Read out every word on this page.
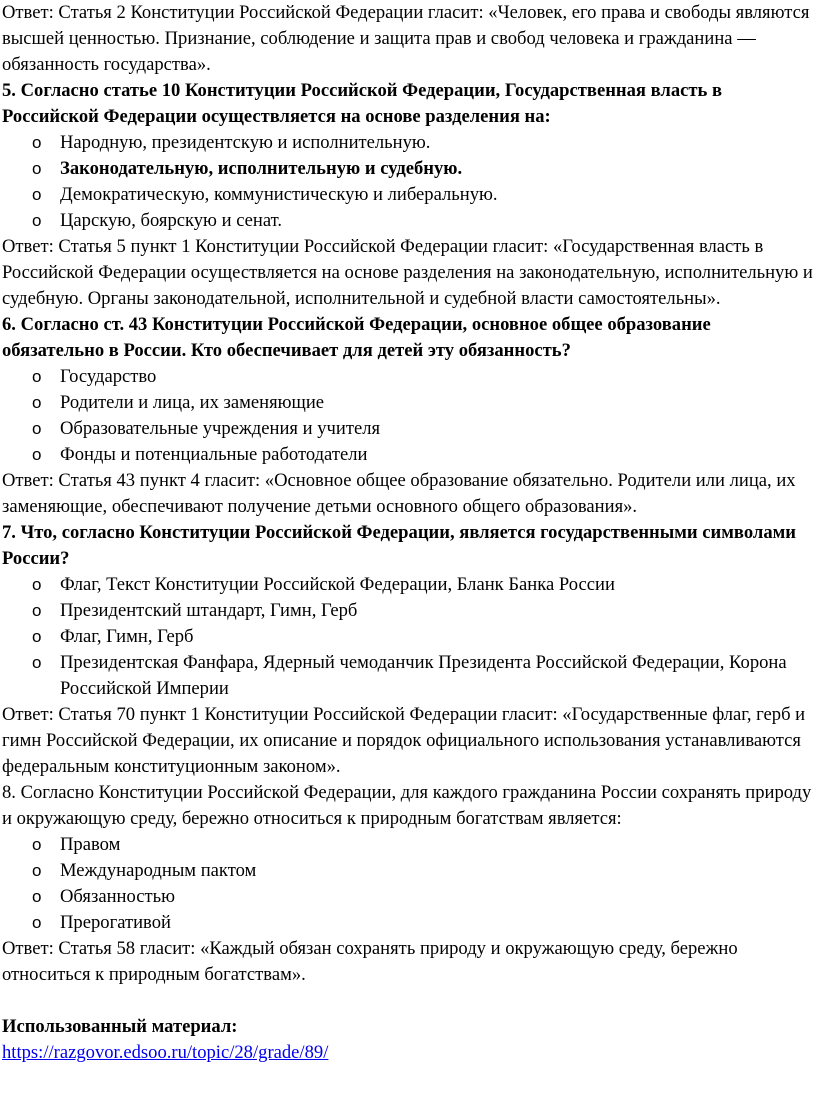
Ответ: Статья 2 Конституции Российской Федерации гласит: «Человек, его права и свободы являются высшей ценностью. Признание, соблюдение и защита прав и свобод человека и гражданина — обязанность государства».

5. Согласно статье 10 Конституции Российской Федерации, Государственная власть в Российской Федерации осуществляется на основе разделения на:

o Народную, президентскую и исполнительную.
o Законодательную, исполнительную и судебную.
o Демократическую, коммунистическую и либеральную.
o Царскую, боярскую и сенат.

Ответ: Статья 5 пункт 1 Конституции Российской Федерации гласит: «Государственная власть в Российской Федерации осуществляется на основе разделения на законодательную, исполнительную и судебную. Органы законодательной, исполнительной и судебной власти самостоятельны».

6. Согласно ст. 43 Конституции Российской Федерации, основное общее образование обязательно в России. Кто обеспечивает для детей эту обязанность?

o Государство
o Родители и лица, их заменяющие
o Образовательные учреждения и учителя
o Фонды и потенциальные работодатели

Ответ: Статья 43 пункт 4 гласит: «Основное общее образование обязательно. Родители или лица, их заменяющие, обеспечивают получение детьми основного общего образования».

7. Что, согласно Конституции Российской Федерации, является государственными символами России?

o Флаг, Текст Конституции Российской Федерации, Бланк Банка России
o Президентский штандарт, Гимн, Герб
o Флаг, Гимн, Герб
o Президентская Фанфара, Ядерный чемоданчик Президента Российской Федерации, Корона Российской Империи

Ответ: Статья 70 пункт 1 Конституции Российской Федерации гласит: «Государственные флаг, герб и гимн Российской Федерации, их описание и порядок официального использования устанавливаются федеральным конституционным законом».

8. Согласно Конституции Российской Федерации, для каждого гражданина России сохранять природу и окружающую среду, бережно относиться к природным богатствам является:

o Правом
o Международным пактом
o Обязанностью
o Прерогативой

Ответ: Статья 58 гласит: «Каждый обязан сохранять природу и окружающую среду, бережно относиться к природным богатствам».

Использованный материал:

https://razgovor.edsoo.ru/topic/28/grade/89/
